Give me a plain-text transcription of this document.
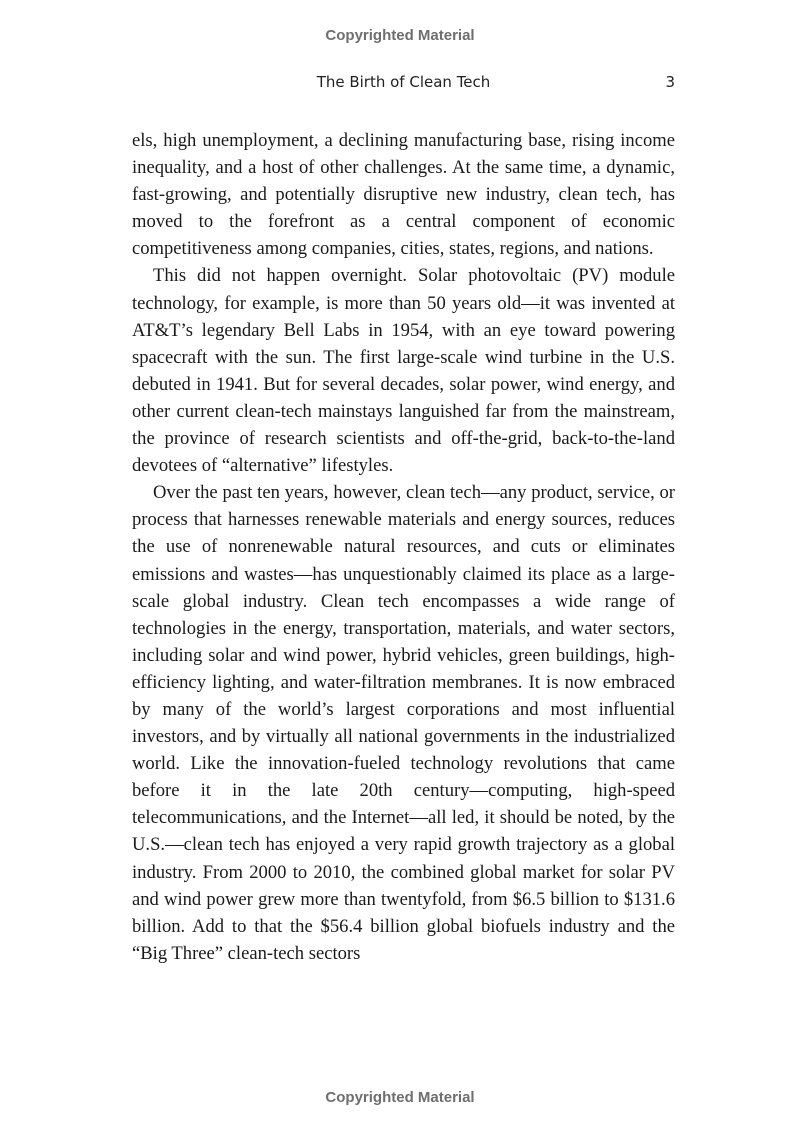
Copyrighted Material
The Birth of Clean Tech	3

els, high unemployment, a declining manufacturing base, rising income inequality, and a host of other challenges. At the same time, a dynamic, fast-growing, and potentially disruptive new industry, clean tech, has moved to the forefront as a central component of economic competitiveness among companies, cities, states, regions, and nations.

This did not happen overnight. Solar photovoltaic (PV) module technology, for example, is more than 50 years old—it was invented at AT&T’s legendary Bell Labs in 1954, with an eye toward powering spacecraft with the sun. The first large-scale wind turbine in the U.S. debuted in 1941. But for several decades, solar power, wind energy, and other current clean-tech mainstays languished far from the mainstream, the province of research scientists and off-the-grid, back-to-the-land devotees of “alternative” lifestyles.

Over the past ten years, however, clean tech—any product, service, or process that harnesses renewable materials and energy sources, reduces the use of nonrenewable natural resources, and cuts or eliminates emissions and wastes—has unquestionably claimed its place as a large-scale global industry. Clean tech encompasses a wide range of technologies in the energy, transportation, materials, and water sectors, including solar and wind power, hybrid vehicles, green buildings, high-efficiency lighting, and water-filtration membranes. It is now embraced by many of the world’s largest corporations and most influential investors, and by virtually all national governments in the industrialized world. Like the innovation-fueled technology revolutions that came before it in the late 20th century—computing, high-speed telecommunications, and the Internet—all led, it should be noted, by the U.S.—clean tech has enjoyed a very rapid growth trajectory as a global industry. From 2000 to 2010, the combined global market for solar PV and wind power grew more than twentyfold, from $6.5 billion to $131.6 billion. Add to that the $56.4 billion global biofuels industry and the “Big Three” clean-tech sectors

Copyrighted Material
